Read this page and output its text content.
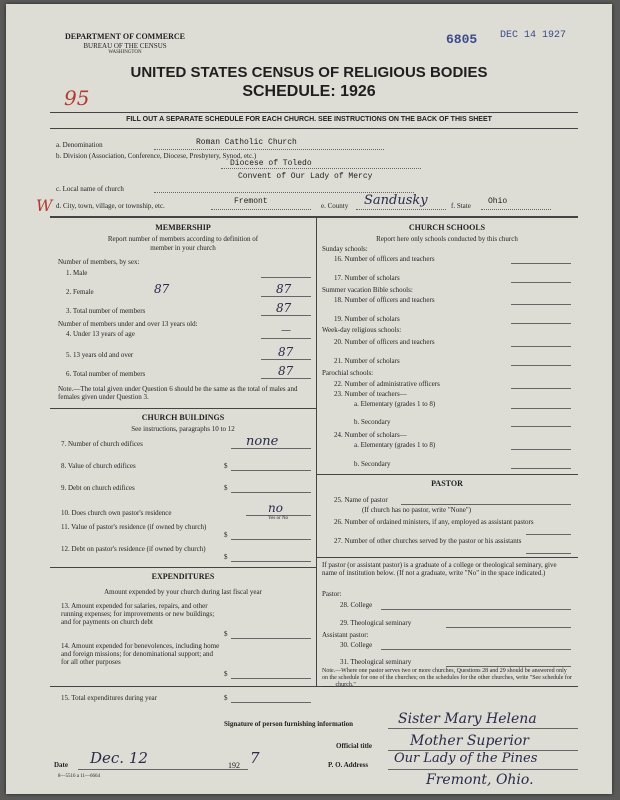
DEPARTMENT OF COMMERCE
BUREAU OF THE CENSUS
WASHINGTON
6805 DEC 14 1927
UNITED STATES CENSUS OF RELIGIOUS BODIES
SCHEDULE: 1926
95
FILL OUT A SEPARATE SCHEDULE FOR EACH CHURCH. SEE INSTRUCTIONS ON THE BACK OF THIS SHEET
a. Denomination	Roman Catholic Church
b. Division (Association, Conference, Diocese, Presbytery, Synod, etc.)
Diocese of Toledo
Convent of Our Lady of Mercy
c. Local name of church
W d. City, town, village, or township, etc.	Fremont	e. County Sandusky	f. State Ohio
MEMBERSHIP
Report number of members according to definition of
member in your church
Number of members, by sex:
1. Male
2. Female	87	87
3. Total number of members	87
Number of members under and over 13 years old:
4. Under 13 years of age	—
5. 13 years old and over	87
6. Total number of members	87
Note.—The total given under Question 6 should be the same as the total of males and females given under Question 3.
CHURCH BUILDINGS
See instructions, paragraphs 10 to 12
7. Number of church edifices	none
8. Value of church edifices	$
9. Debt on church edifices	$
10. Does church own pastor's residence	no
Yes or No
11. Value of pastor's residence (if owned by church)
$
12. Debt on pastor's residence (if owned by church)
$
EXPENDITURES
Amount expended by your church during last fiscal year
13. Amount expended for salaries, repairs, and other running expenses; for improvements or new buildings; and for payments on church debt
$
14. Amount expended for benevolences, including home and foreign missions; for denominational support; and for all other purposes
$
15. Total expenditures during year	$
CHURCH SCHOOLS
Report here only schools conducted by this church
Sunday schools:
16. Number of officers and teachers
17. Number of scholars
Summer vacation Bible schools:
18. Number of officers and teachers
19. Number of scholars
Week-day religious schools:
20. Number of officers and teachers
21. Number of scholars
Parochial schools:
22. Number of administrative officers
23. Number of teachers—
a. Elementary (grades 1 to 8)
b. Secondary
24. Number of scholars—
a. Elementary (grades 1 to 8)
b. Secondary
PASTOR
25. Name of pastor
(If church has no pastor, write "None")
26. Number of ordained ministers, if any, employed as assistant pastors
27. Number of other churches served by the pastor or his assistants
If pastor (or assistant pastor) is a graduate of a college or theological seminary, give name of institution below. (If not a graduate, write "No" in the space indicated.)
Pastor:
28. College
29. Theological seminary
Assistant pastor:
30. College
31. Theological seminary
Note.—Where one pastor serves two or more churches, Questions 28 and 29 should be answered only on the schedule for one of the churches; on the schedules for the other churches, write "See schedule for ____ church."
Signature of person furnishing information	Sister Mary Helena
Official title	Mother Superior
Date Dec. 12	192 7	P. O. Address Our Lady of the Pines
Fremont, Ohio.
8—5516 a 11—6664
